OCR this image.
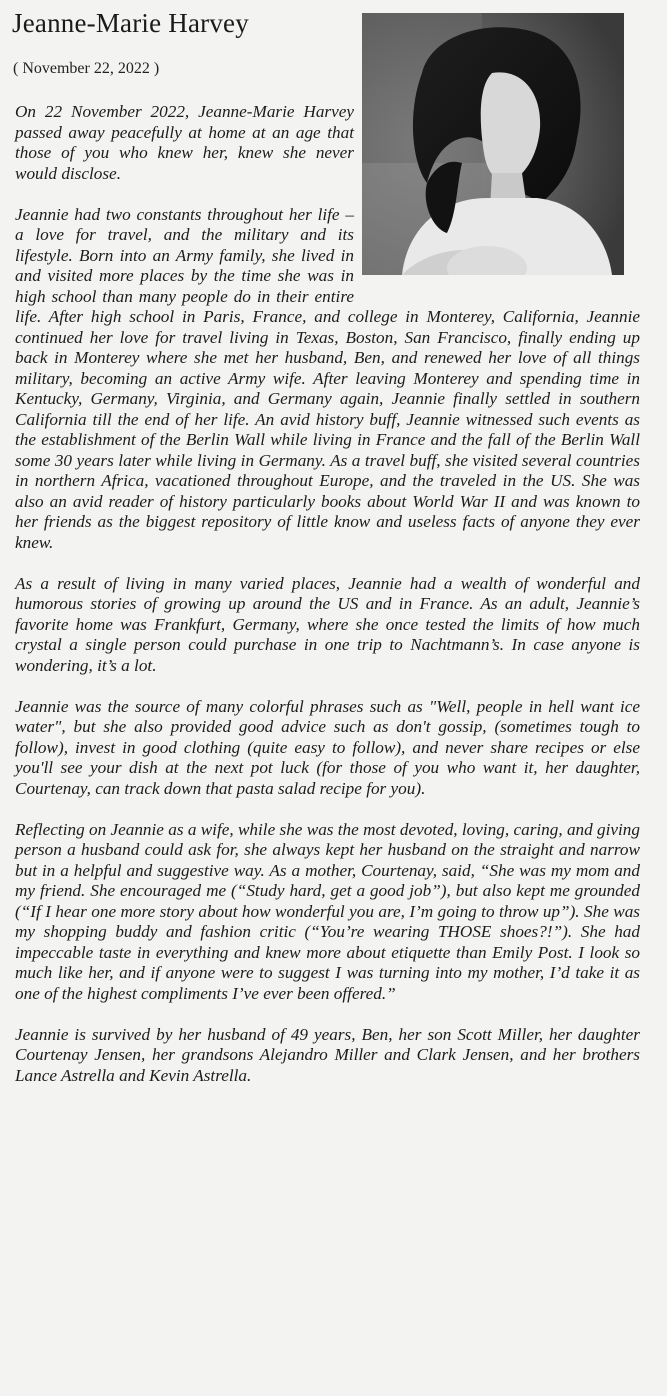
Jeanne-Marie Harvey
( November 22, 2022 )

On 22 November 2022, Jeanne-Marie Harvey passed away peacefully at home at an age that those of you who knew her, knew she never would disclose.

Jeannie had two constants throughout her life – a love for travel, and the military and its lifestyle. Born into an Army family, she lived in and visited more places by the time she was in high school than many people do in their entire life. After high school in Paris, France, and college in Monterey, California, Jeannie continued her love for travel living in Texas, Boston, San Francisco, finally ending up back in Monterey where she met her husband, Ben, and renewed her love of all things military, becoming an active Army wife. After leaving Monterey and spending time in Kentucky, Germany, Virginia, and Germany again, Jeannie finally settled in southern California till the end of her life. An avid history buff, Jeannie witnessed such events as the establishment of the Berlin Wall while living in France and the fall of the Berlin Wall some 30 years later while living in Germany. As a travel buff, she visited several countries in northern Africa, vacationed throughout Europe, and the traveled in the US. She was also an avid reader of history particularly books about World War II and was known to her friends as the biggest repository of little know and useless facts of anyone they ever knew.

As a result of living in many varied places, Jeannie had a wealth of wonderful and humorous stories of growing up around the US and in France. As an adult, Jeannie’s favorite home was Frankfurt, Germany, where she once tested the limits of how much crystal a single person could purchase in one trip to Nachtmann’s. In case anyone is wondering, it’s a lot.

Jeannie was the source of many colorful phrases such as "Well, people in hell want ice water", but she also provided good advice such as don't gossip, (sometimes tough to follow), invest in good clothing (quite easy to follow), and never share recipes or else you'll see your dish at the next pot luck (for those of you who want it, her daughter, Courtenay, can track down that pasta salad recipe for you).

Reflecting on Jeannie as a wife, while she was the most devoted, loving, caring, and giving person a husband could ask for, she always kept her husband on the straight and narrow but in a helpful and suggestive way. As a mother, Courtenay, said, “She was my mom and my friend. She encouraged me (“Study hard, get a good job”), but also kept me grounded (“If I hear one more story about how wonderful you are, I’m going to throw up”). She was my shopping buddy and fashion critic (“You’re wearing THOSE shoes?!”). She had impeccable taste in everything and knew more about etiquette than Emily Post. I look so much like her, and if anyone were to suggest I was turning into my mother, I’d take it as one of the highest compliments I’ve ever been offered.”

Jeannie is survived by her husband of 49 years, Ben, her son Scott Miller, her daughter Courtenay Jensen, her grandsons Alejandro Miller and Clark Jensen, and her brothers Lance Astrella and Kevin Astrella.
